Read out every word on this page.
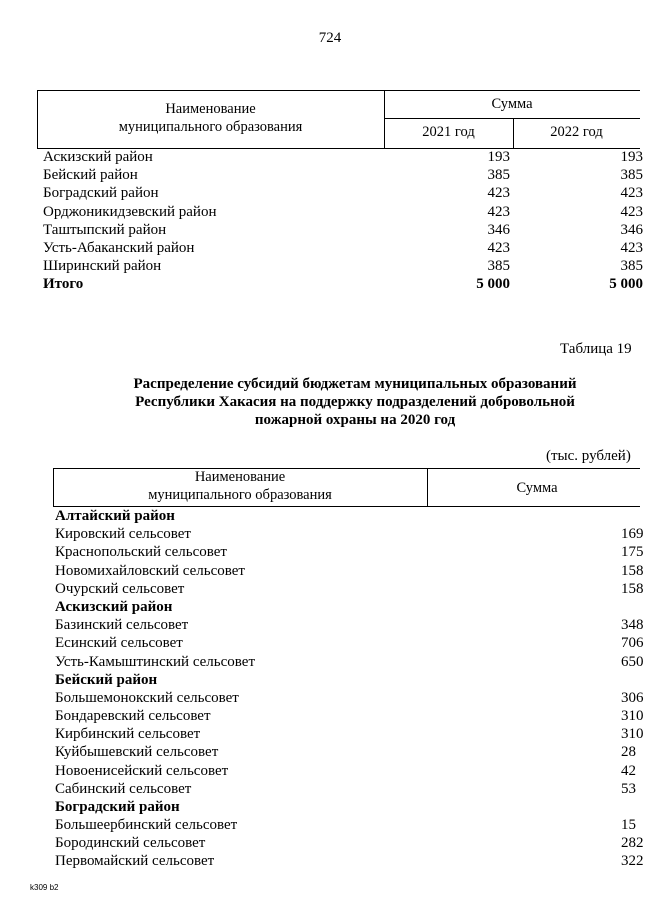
724
Наименование
муниципального образования
Сумма
2021 год	2022 год
Аскизский район	193	193
Бейский район	385	385
Боградский район	423	423
Орджоникидзевский район	423	423
Таштыпский район	346	346
Усть-Абаканский район	423	423
Ширинский район	385	385
Итого	5 000	5 000
Таблица 19
Распределение субсидий бюджетам муниципальных образований
Республики Хакасия на поддержку подразделений добровольной
пожарной охраны на 2020 год
(тыс. рублей)
Наименование
муниципального образования	Сумма
Алтайский район
Кировский сельсовет	169
Краснопольский сельсовет	175
Новомихайловский сельсовет	158
Очурский сельсовет	158
Аскизский район
Базинский сельсовет	348
Есинский сельсовет	706
Усть-Камыштинский сельсовет	650
Бейский район
Большемонокский сельсовет	306
Бондаревский сельсовет	310
Кирбинский сельсовет	310
Куйбышевский сельсовет	28
Новоенисейский сельсовет	42
Сабинский сельсовет	53
Боградский район
Большеербинский сельсовет	15
Бородинский сельсовет	282
Первомайский сельсовет	322
k309 b2
